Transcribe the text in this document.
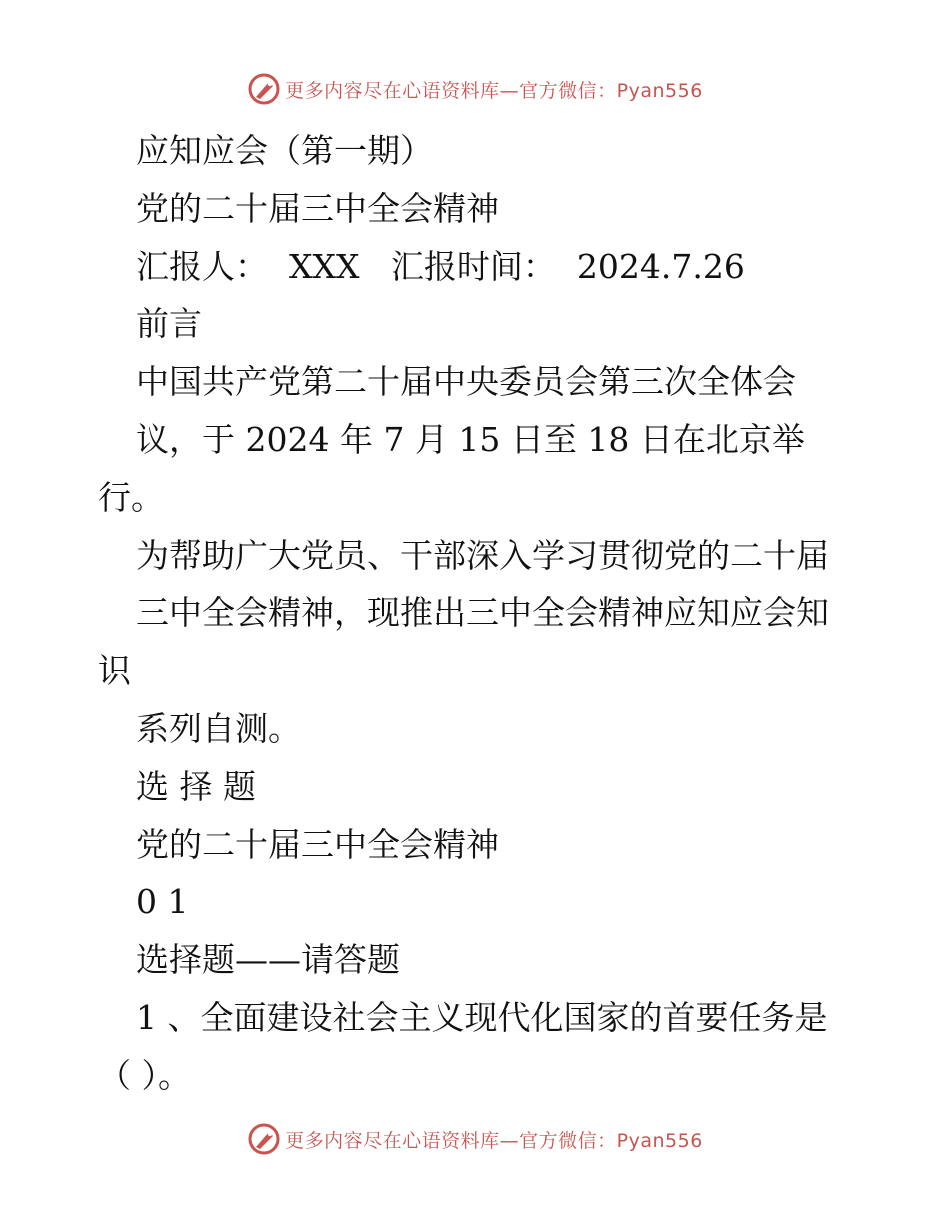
更多内容尽在心语资料库—官方微信：Pyan556
应知应会（第一期）
党的二十届三中全会精神
汇报人：  XXX   汇报时间：  2024.7.26
前言
中国共产党第二十届中央委员会第三次全体会
议，于 2024 年 7 月 15 日至 18 日在北京举
行。
为帮助广大党员、干部深入学习贯彻党的二十届
三中全会精神，现推出三中全会精神应知应会知
识
系列自测。
选 择 题
党的二十届三中全会精神
0 1
选择题——请答题
1 、全面建设社会主义现代化国家的首要任务是
（ ）。
更多内容尽在心语资料库—官方微信：Pyan556
